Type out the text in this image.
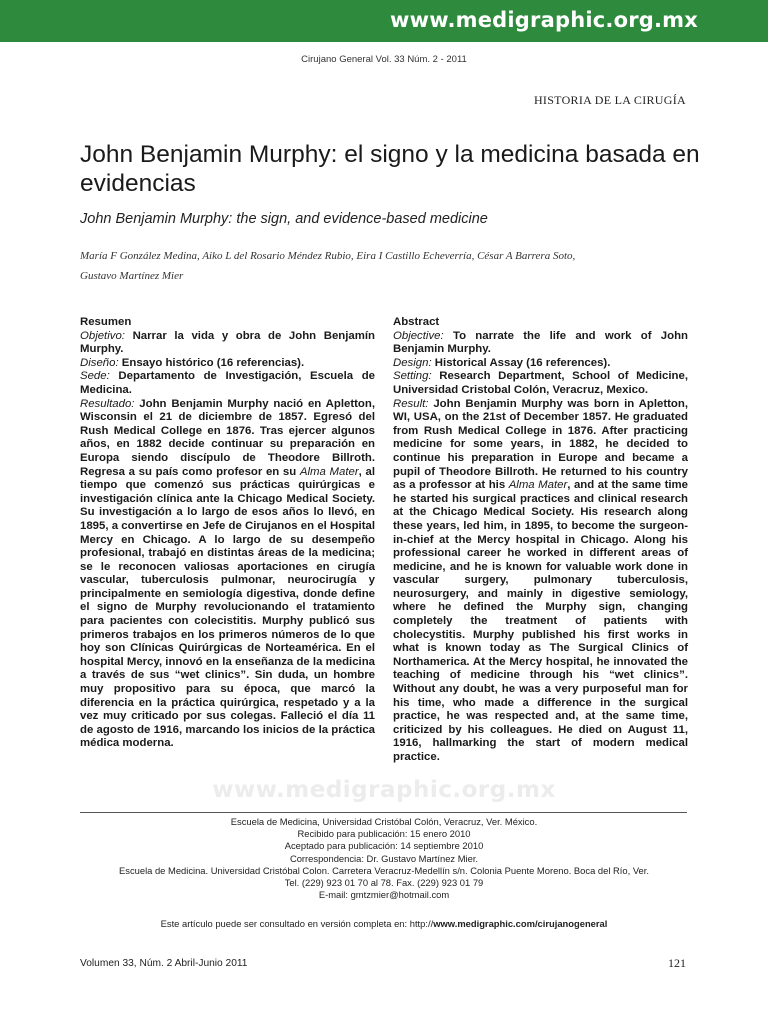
www.medigraphic.org.mx
Cirujano General Vol. 33 Núm. 2 - 2011
HISTORIA DE LA CIRUGÍA
John Benjamin Murphy: el signo y la medicina basada en evidencias
John Benjamin Murphy: the sign, and evidence-based medicine
María F González Medina, Aiko L del Rosario Méndez Rubio, Eira I Castillo Echeverría, César A Barrera Soto,
Gustavo Martínez Mier

Resumen

Objetivo: Narrar la vida y obra de John Benjamín Murphy.

Diseño: Ensayo histórico (16 referencias).

Sede: Departamento de Investigación, Escuela de Medicina.

Resultado: John Benjamin Murphy nació en Apletton, Wisconsin el 21 de diciembre de 1857. Egresó del Rush Medical College en 1876. Tras ejercer algunos años, en 1882 decide continuar su preparación en Europa siendo discípulo de Theodore Billroth. Regresa a su país como profesor en su Alma Mater, al tiempo que comenzó sus prácticas quirúrgicas e investigación clínica ante la Chicago Medical Society. Su investigación a lo largo de esos años lo llevó, en 1895, a convertirse en Jefe de Cirujanos en el Hospital Mercy en Chicago. A lo largo de su desempeño profesional, trabajó en distintas áreas de la medicina; se le reconocen valiosas aportaciones en cirugía vascular, tuberculosis pulmonar, neurocirugía y principalmente en semiología digestiva, donde define el signo de Murphy revolucionando el tratamiento para pacientes con colecistitis. Murphy publicó sus primeros trabajos en los primeros números de lo que hoy son Clínicas Quirúrgicas de Norteamérica. En el hospital Mercy, innovó en la enseñanza de la medicina a través de sus “wet clinics”. Sin duda, un hombre muy propositivo para su época, que marcó la diferencia en la práctica quirúrgica, respetado y a la vez muy criticado por sus colegas. Falleció el día 11 de agosto de 1916, marcando los inicios de la práctica médica moderna.

Abstract

Objective: To narrate the life and work of John Benjamin Murphy.

Design: Historical Assay (16 references).

Setting: Research Department, School of Medicine, Universidad Cristobal Colón, Veracruz, Mexico.

Result: John Benjamin Murphy was born in Apletton, WI, USA, on the 21st of December 1857. He graduated from Rush Medical College in 1876. After practicing medicine for some years, in 1882, he decided to continue his preparation in Europe and became a pupil of Theodore Billroth. He returned to his country as a professor at his Alma Mater, and at the same time he started his surgical practices and clinical research at the Chicago Medical Society. His research along these years, led him, in 1895, to become the surgeon-in-chief at the Mercy hospital in Chicago. Along his professional career he worked in different areas of medicine, and he is known for valuable work done in vascular surgery, pulmonary tuberculosis, neurosurgery, and mainly in digestive semiology, where he defined the Murphy sign, changing completely the treatment of patients with cholecystitis. Murphy published his first works in what is known today as The Surgical Clinics of Northamerica. At the Mercy hospital, he innovated the teaching of medicine through his “wet clinics”. Without any doubt, he was a very purposeful man for his time, who made a difference in the surgical practice, he was respected and, at the same time, criticized by his colleagues. He died on August 11, 1916, hallmarking the start of modern medical practice.

www.medigraphic.org.mx
Escuela de Medicina, Universidad Cristóbal Colón, Veracruz, Ver. México.
Recibido para publicación: 15 enero 2010
Aceptado para publicación: 14 septiembre 2010
Correspondencia: Dr. Gustavo Martínez Mier.
Escuela de Medicina. Universidad Cristóbal Colon. Carretera Veracruz-Medellín s/n. Colonia Puente Moreno. Boca del Río, Ver.
Tel. (229) 923 01 70 al 78. Fax. (229) 923 01 79
E-mail: gmtzmier@hotmail.com
Este artículo puede ser consultado en versión completa en: http://www.medigraphic.com/cirujanogeneral
Volumen 33, Núm. 2 Abril-Junio 2011	121
